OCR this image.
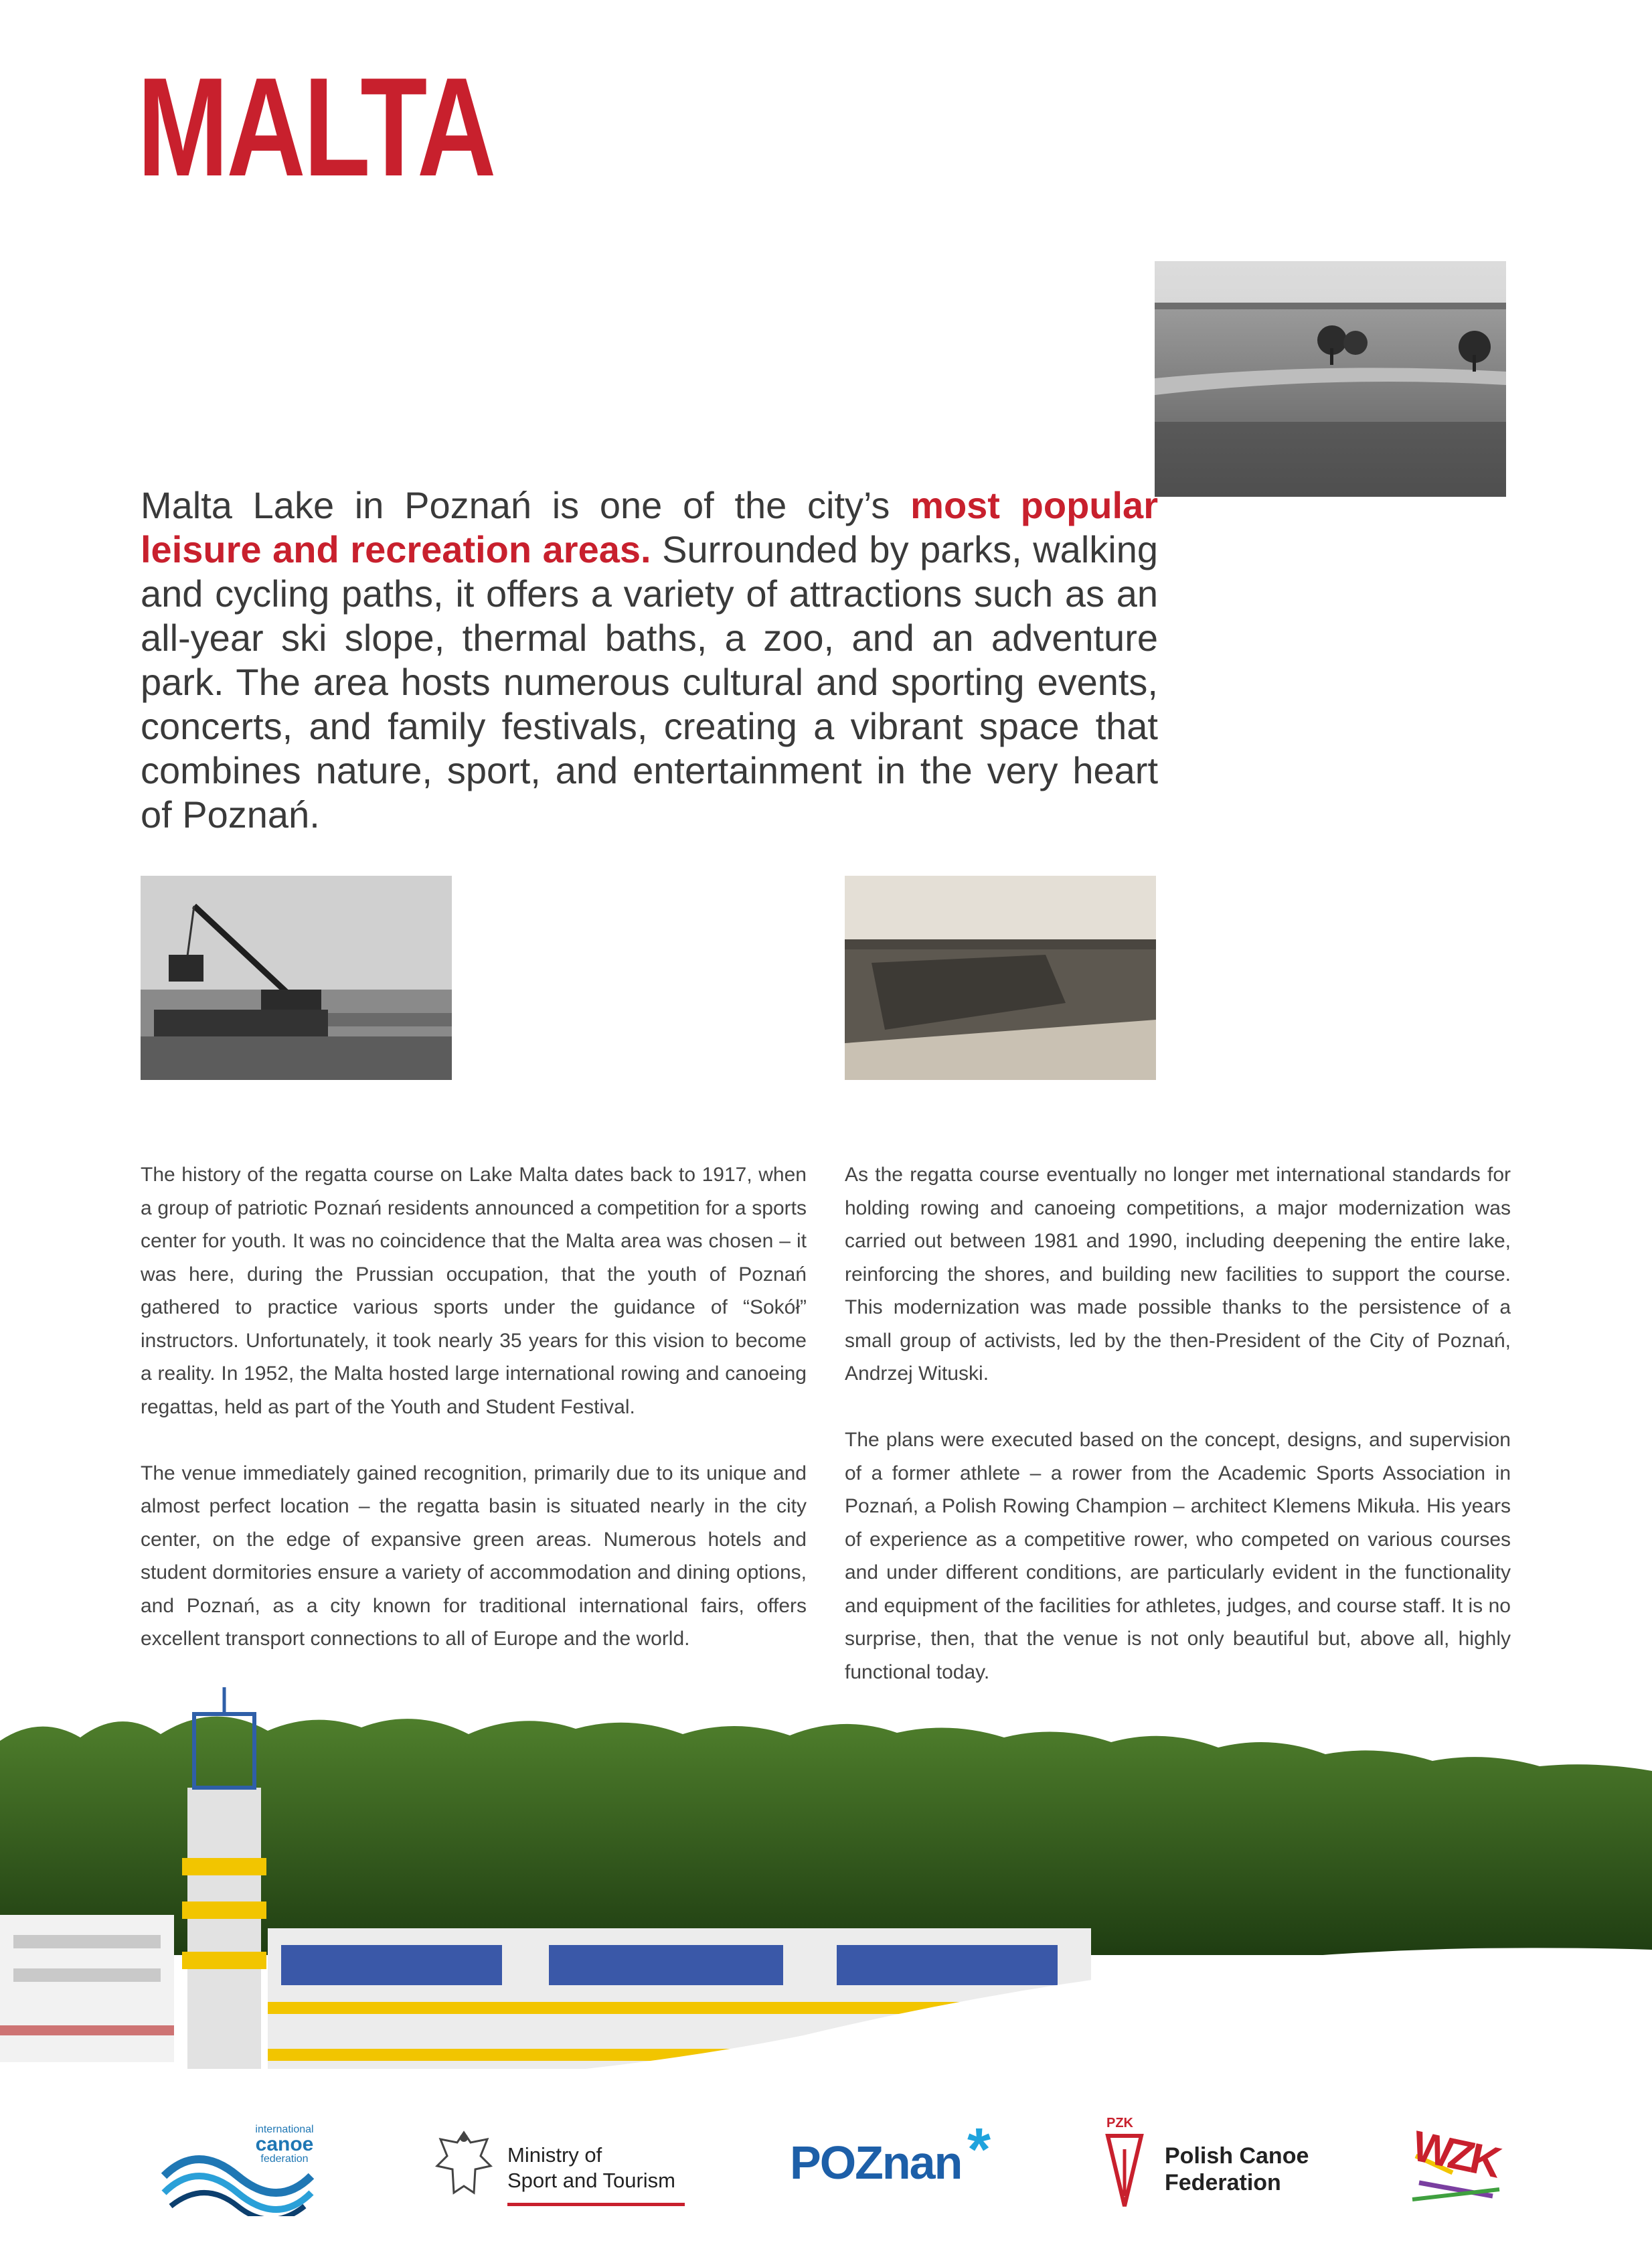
MALTA

Malta Lake in Poznań is one of the city’s most popular leisure and recreation areas. Surrounded by parks, walking and cycling paths, it offers a variety of attractions such as an all-year ski slope, thermal baths, a zoo, and an adventure park. The area hosts numerous cultural and sporting events, concerts, and family festivals, creating a vibrant space that combines nature, sport, and entertainment in the very heart of Poznań.

The history of the regatta course on Lake Malta dates back to 1917, when a group of patriotic Poznań residents announced a competition for a sports center for youth. It was no coincidence that the Malta area was chosen – it was here, during the Prussian occupation, that the youth of Poznań gathered to practice various sports under the guidance of “Sokół” instructors. Unfortunately, it took nearly 35 years for this vision to become a reality. In 1952, the Malta hosted large international rowing and canoeing regattas, held as part of the Youth and Student Festival.

The venue immediately gained recognition, primarily due to its unique and almost perfect location – the regatta basin is situated nearly in the city center, on the edge of expansive green areas. Numerous hotels and student dormitories ensure a variety of accommodation and dining options, and Poznań, as a city known for traditional international fairs, offers excellent transport connections to all of Europe and the world.

As the regatta course eventually no longer met international standards for holding rowing and canoeing competitions, a major modernization was carried out between 1981 and 1990, including deepening the entire lake, reinforcing the shores, and building new facilities to support the course. This modernization was made possible thanks to the persistence of a small group of activists, led by the then-President of the City of Poznań, Andrzej Wituski.

The plans were executed based on the concept, designs, and supervision of a former athlete – a rower from the Academic Sports Association in Poznań, a Polish Rowing Champion – architect Klemens Mikuła. His years of experience as a competitive rower, who competed on various courses and under different conditions, are particularly evident in the functionality and equipment of the facilities for athletes, judges, and course staff. It is no surprise, then, that the venue is not only beautiful but, above all, highly functional today.

international
canoe
federation	Ministry of
Sport and Tourism POZnan *	PZK
Polish Canoe
Federation	WZK
